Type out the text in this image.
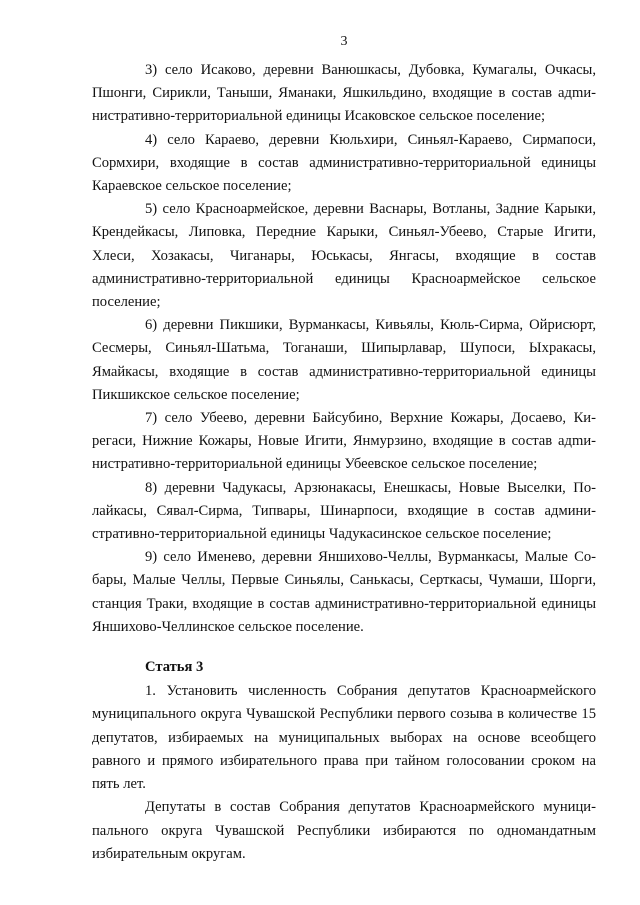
3

3) село Исаково, деревни Ванюшкасы, Дубовка, Кумагалы, Очкасы, Пшонги, Сирикли, Таныши, Яманаки, Яшкильдино, входящие в состав адmинистративно-территориальной единицы Исаковское сельское поселение;

4) село Караево, деревни Кюльхири, Синьял-Караево, Сирмапоси, Сормхири, входящие в состав административно-территориальной единицы Караевское сельское поселение;

5) село Красноармейское, деревни Васнары, Вотланы, Задние Карыки, Крендейкасы, Липовка, Передние Карыки, Синьял-Убеево, Старые Игити, Хлеси, Хозакасы, Чиганары, Юськасы, Янгасы, входящие в состав административно-территориальной единицы Красноармейское сельское поселение;

6) деревни Пикшики, Вурманкасы, Кивьялы, Кюль-Сирма, Ойрисюрт, Сесмеры, Синьял-Шатьма, Тоганаши, Шипырлавар, Шупоси, Ыхракасы, Ямайкасы, входящие в состав административно-территориальной единицы Пикшикское сельское поселение;

7) село Убеево, деревни Байсубино, Верхние Кожары, Досаево, Кирегаси, Нижние Кожары, Новые Игити, Янмурзино, входящие в состав адmинистративно-территориальной единицы Убеевское сельское поселение;

8) деревни Чадукасы, Арзюнакасы, Енешкасы, Новые Выселки, Полайкасы, Сявал-Сирма, Типвары, Шинарпоси, входящие в состав административно-территориальной единицы Чадукасинское сельское поселение;

9) село Именево, деревни Яншихово-Челлы, Вурманкасы, Малые Собары, Малые Челлы, Первые Синьялы, Санькасы, Серткасы, Чумаши, Шорги, станция Траки, входящие в состав административно-территориальной единицы Яншихово-Челлинское сельское поселение.

Статья 3

1. Установить численность Собрания депутатов Красноармейского муниципального округа Чувашской Республики первого созыва в количестве 15 депутатов, избираемых на муниципальных выборах на основе всеобщего равного и прямого избирательного права при тайном голосовании сроком на пять лет.

Депутаты в состав Собрания депутатов Красноармейского муниципального округа Чувашской Республики избираются по одномандатным избирательным округам.
